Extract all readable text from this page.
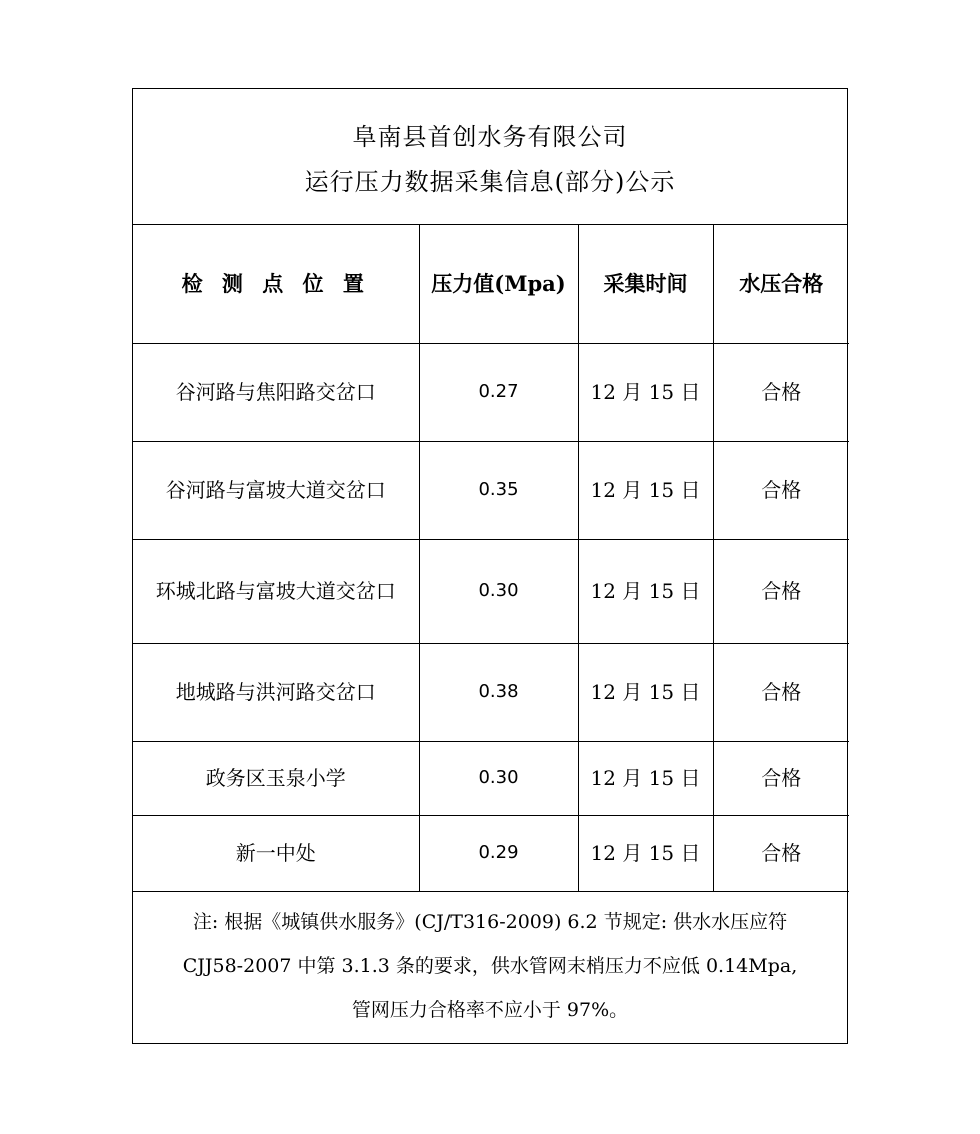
阜南县首创水务有限公司
运行压力数据采集信息(部分)公示
检 测 点 位 置	压力值(Mpa)	采集时间	水压合格
谷河路与焦阳路交岔口	0.27	12 月 15 日	合格
谷河路与富坡大道交岔口	0.35	12 月 15 日	合格
环城北路与富坡大道交岔口	0.30	12 月 15 日	合格
地城路与洪河路交岔口	0.38	12 月 15 日	合格
政务区玉泉小学	0.30	12 月 15 日	合格
新一中处	0.29	12 月 15 日	合格
注: 根据《城镇供水服务》(CJ/T316-2009) 6.2 节规定: 供水水压应符
CJJ58-2007 中第 3.1.3 条的要求，供水管网末梢压力不应低 0.14Mpa,
管网压力合格率不应小于 97%。
